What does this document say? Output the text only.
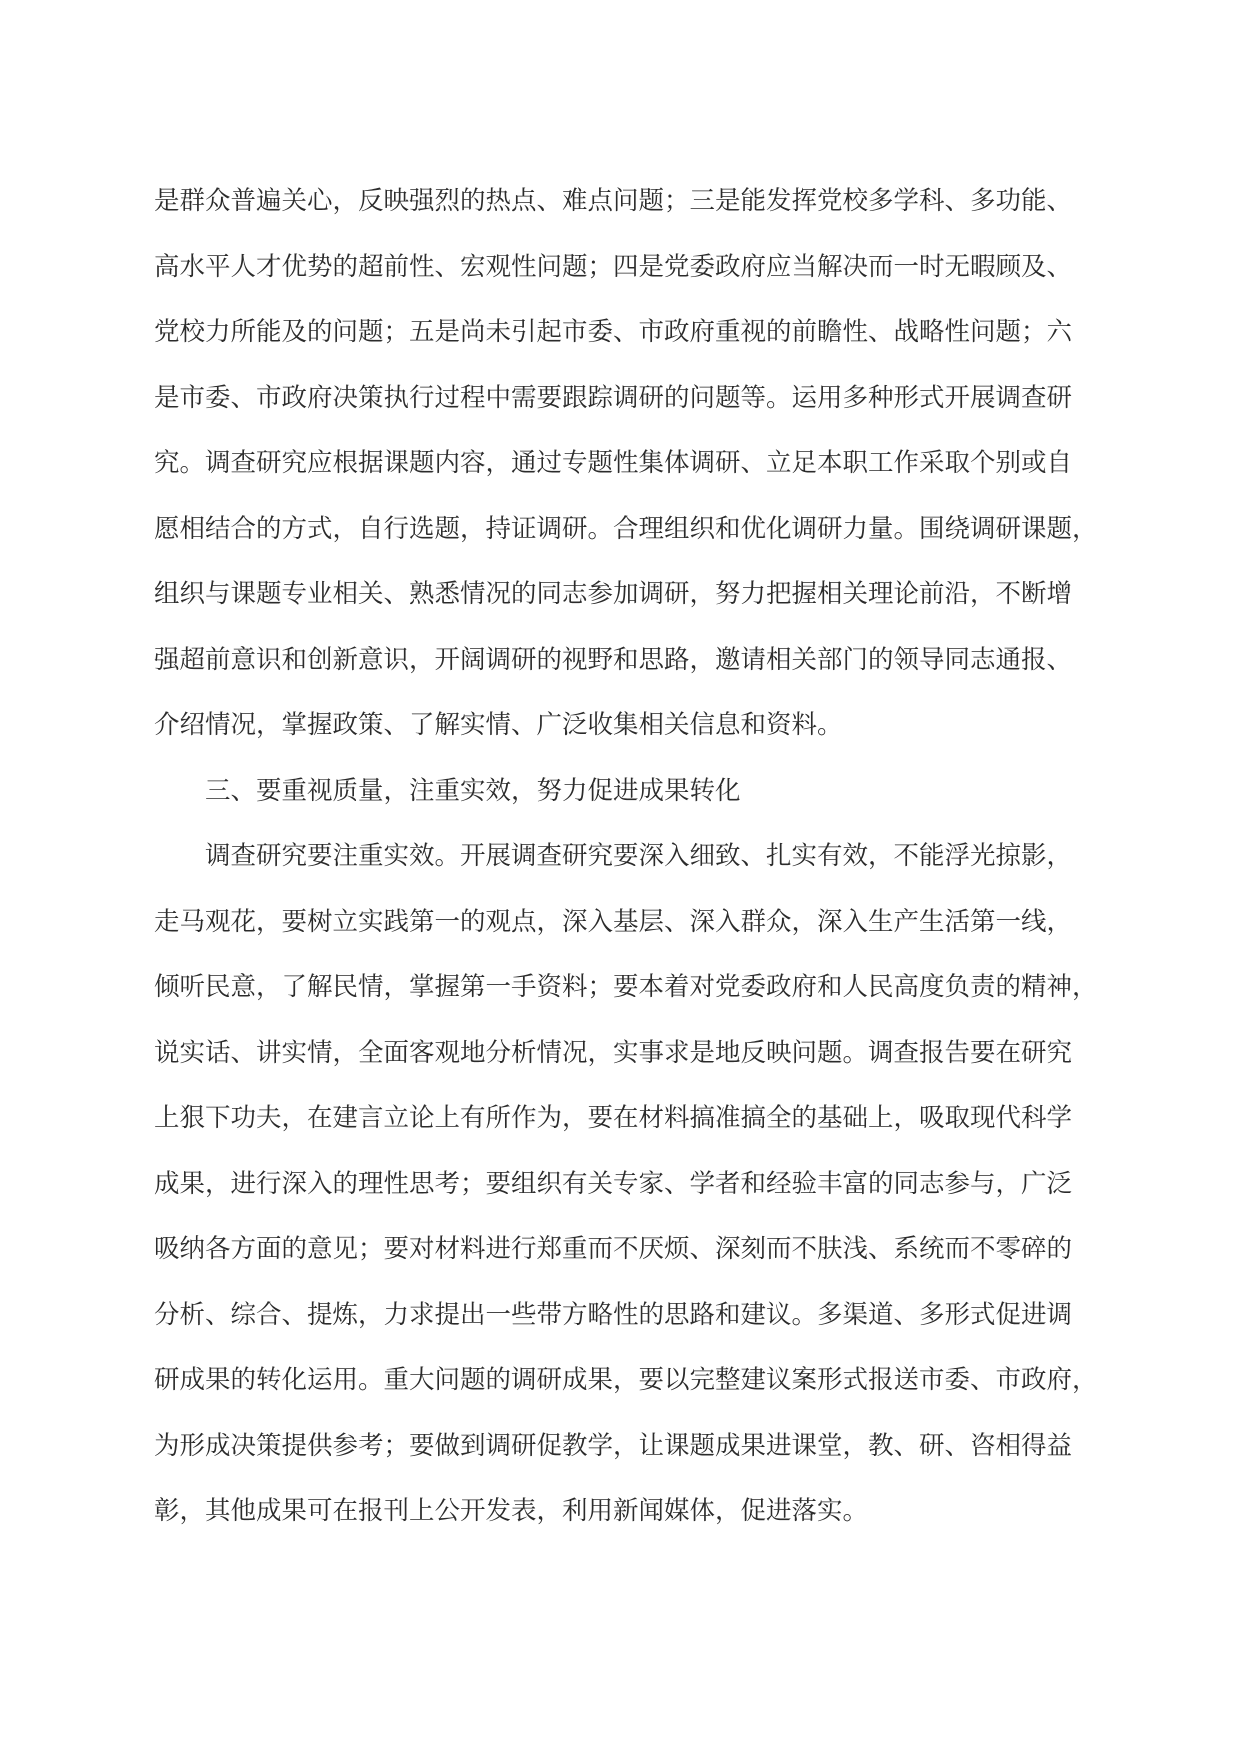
是群众普遍关心，反映强烈的热点、难点问题；三是能发挥党校多学科、多功能、
高水平人才优势的超前性、宏观性问题；四是党委政府应当解决而一时无暇顾及、
党校力所能及的问题；五是尚未引起市委、市政府重视的前瞻性、战略性问题；六
是市委、市政府决策执行过程中需要跟踪调研的问题等。运用多种形式开展调查研
究。调查研究应根据课题内容，通过专题性集体调研、立足本职工作采取个别或自
愿相结合的方式，自行选题，持证调研。合理组织和优化调研力量。围绕调研课题，
组织与课题专业相关、熟悉情况的同志参加调研，努力把握相关理论前沿，不断增
强超前意识和创新意识，开阔调研的视野和思路，邀请相关部门的领导同志通报、
介绍情况，掌握政策、了解实情、广泛收集相关信息和资料。
三、要重视质量，注重实效，努力促进成果转化
调查研究要注重实效。开展调查研究要深入细致、扎实有效，不能浮光掠影，
走马观花，要树立实践第一的观点，深入基层、深入群众，深入生产生活第一线，
倾听民意，了解民情，掌握第一手资料；要本着对党委政府和人民高度负责的精神，
说实话、讲实情，全面客观地分析情况，实事求是地反映问题。调查报告要在研究
上狠下功夫，在建言立论上有所作为，要在材料搞准搞全的基础上，吸取现代科学
成果，进行深入的理性思考；要组织有关专家、学者和经验丰富的同志参与，广泛
吸纳各方面的意见；要对材料进行郑重而不厌烦、深刻而不肤浅、系统而不零碎的
分析、综合、提炼，力求提出一些带方略性的思路和建议。多渠道、多形式促进调
研成果的转化运用。重大问题的调研成果，要以完整建议案形式报送市委、市政府，
为形成决策提供参考；要做到调研促教学，让课题成果进课堂，教、研、咨相得益
彰，其他成果可在报刊上公开发表，利用新闻媒体，促进落实。
